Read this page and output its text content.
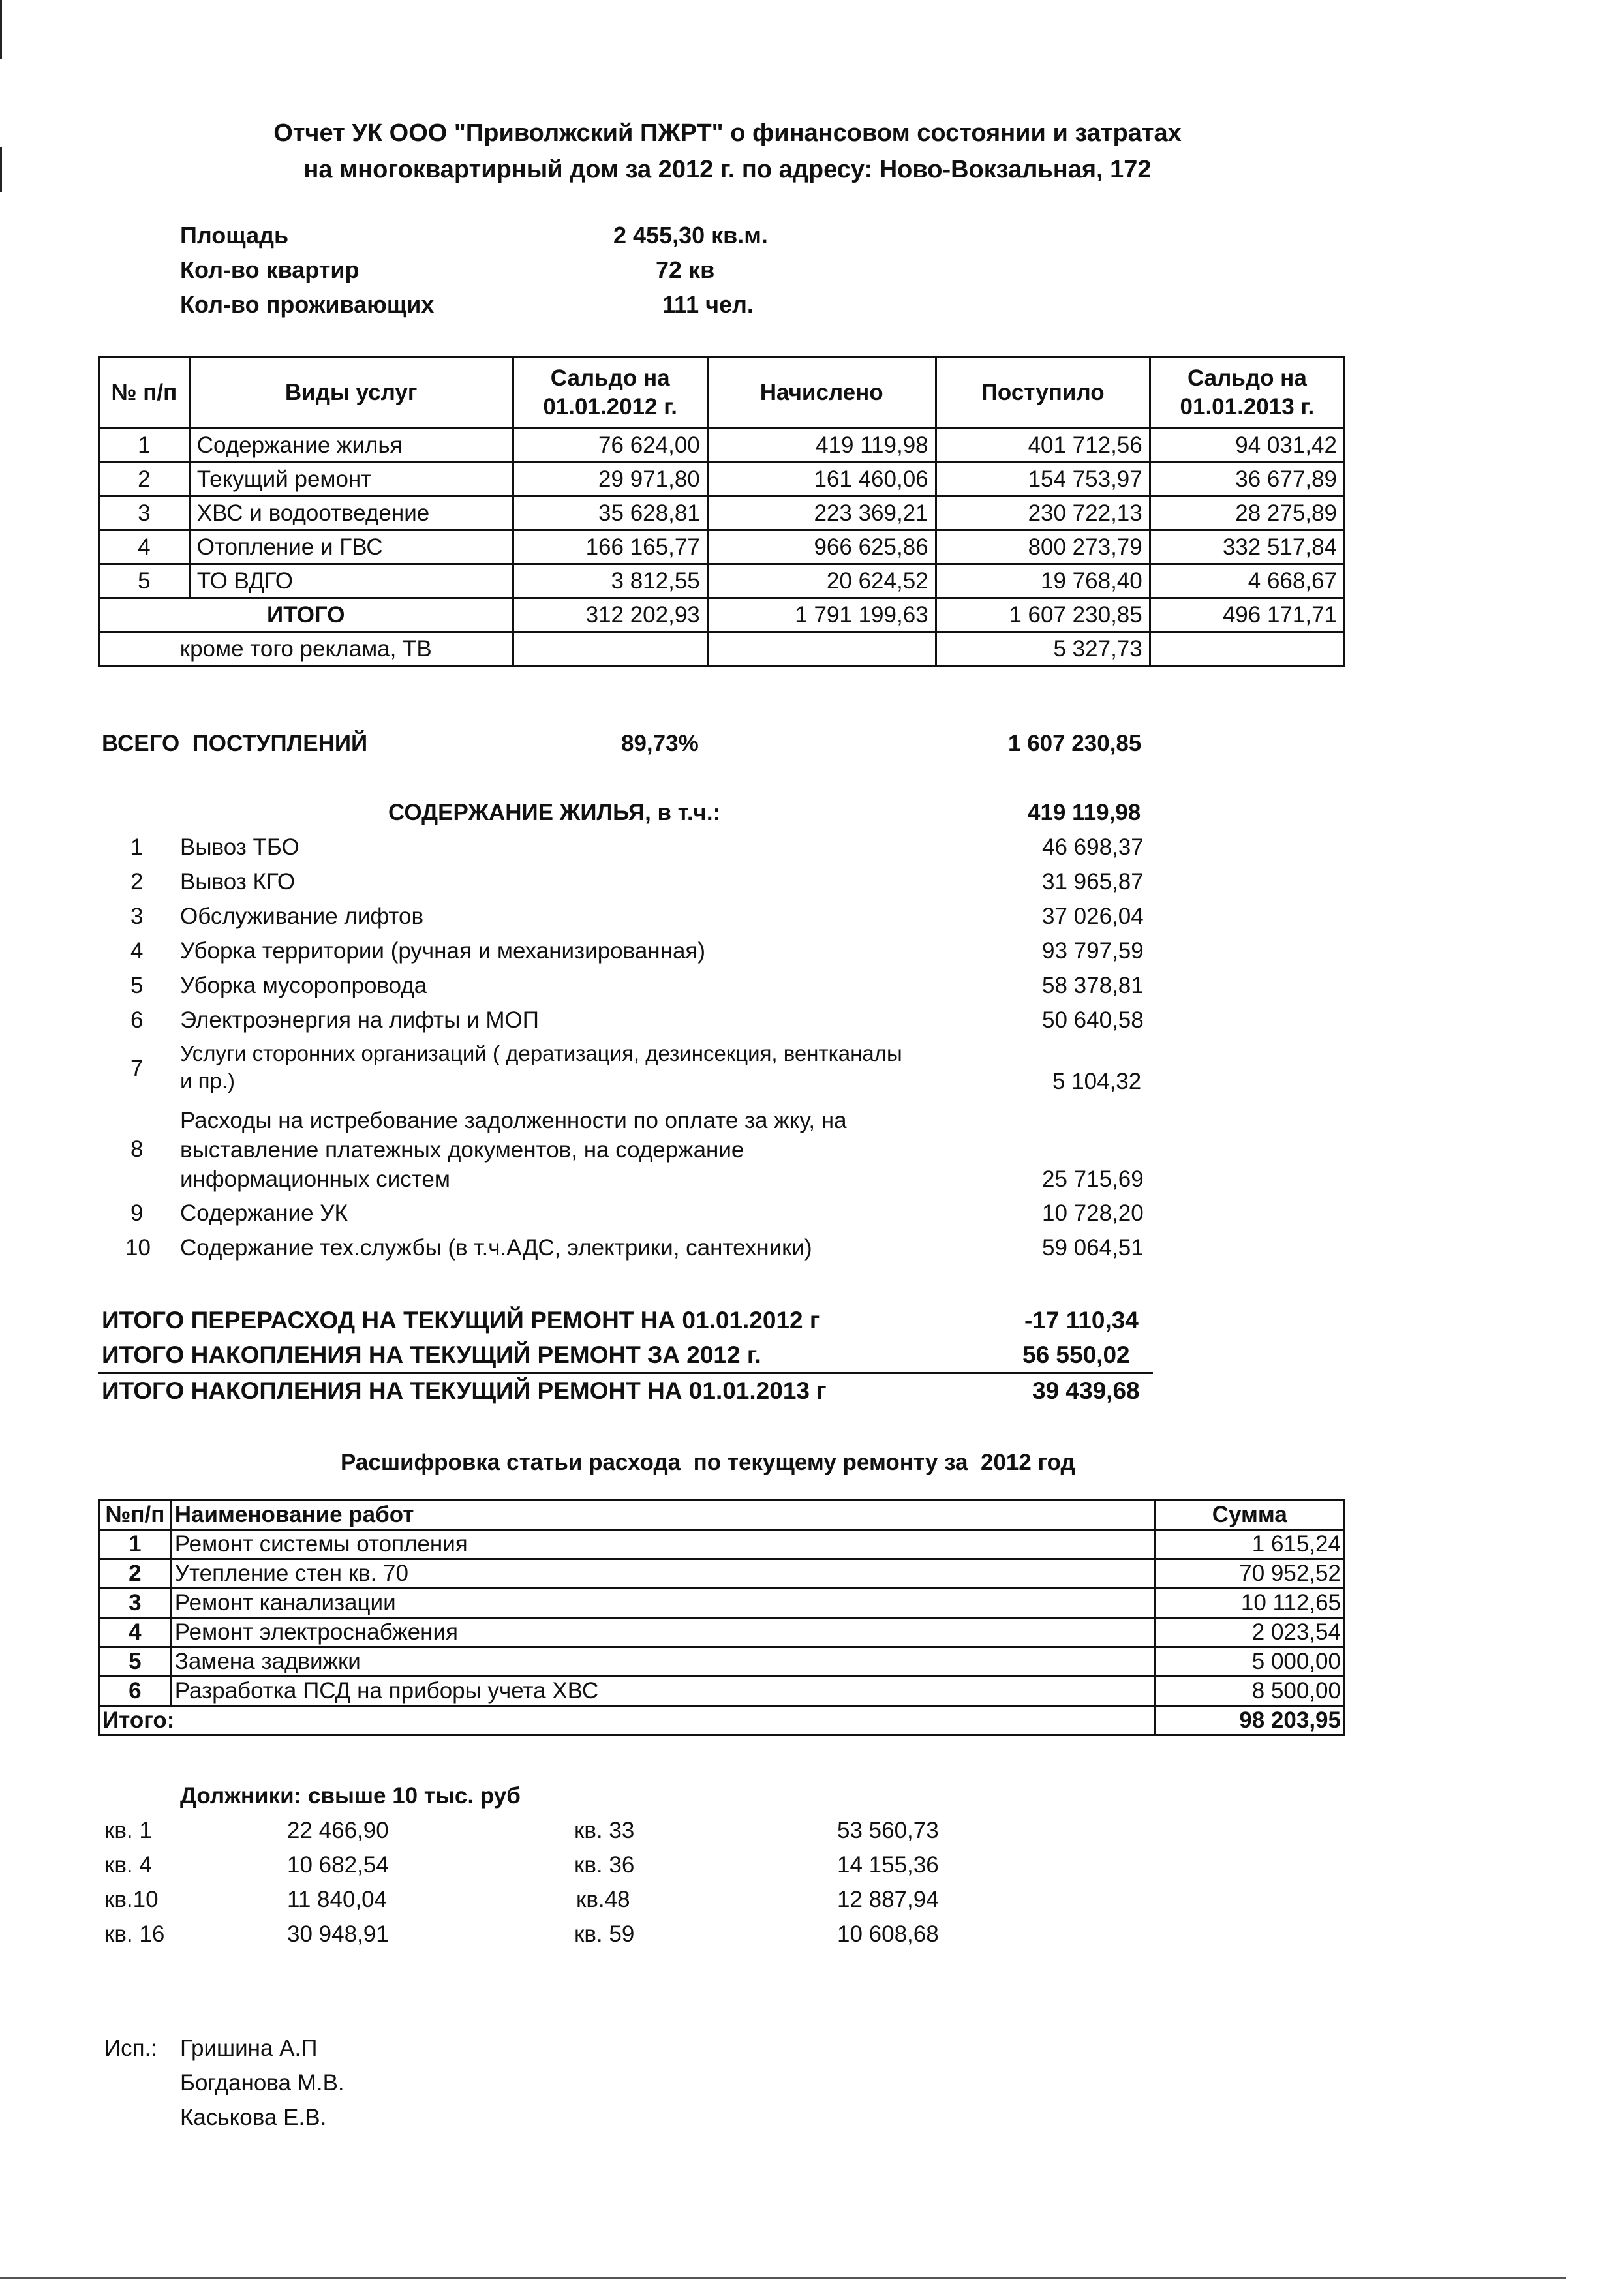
Отчет УК ООО "Приволжский ПЖРТ" о финансовом состоянии и затратах
на многоквартирный дом за 2012 г. по адресу: Ново-Вокзальная, 172
Площадь	2 455,30 кв.м.
Кол-во квартир	72 кв
Кол-во проживающих	111 чел.
№ п/п	Виды услуг	Сальдо на 01.01.2012 г.	Начислено	Поступило	Сальдо на 01.01.2013 г.
1	Содержание жилья	76 624,00	419 119,98	401 712,56	94 031,42
2	Текущий ремонт	29 971,80	161 460,06	154 753,97	36 677,89
3	ХВС и водоотведение	35 628,81	223 369,21	230 722,13	28 275,89
4	Отопление и ГВС	166 165,77	966 625,86	800 273,79	332 517,84
5	ТО ВДГО	3 812,55	20 624,52	19 768,40	4 668,67
ИТОГО		312 202,93	1 791 199,63	1 607 230,85	496 171,71
кроме того реклама, ТВ				5 327,73	
ВСЕГО  ПОСТУПЛЕНИЙ	89,73%	1 607 230,85
СОДЕРЖАНИЕ ЖИЛЬЯ, в т.ч.:	419 119,98
1 Вывоз ТБО	46 698,37
2 Вывоз КГО	31 965,87
3 Обслуживание лифтов	37 026,04
4 Уборка территории (ручная и механизированная)	93 797,59
5 Уборка мусоропровода	58 378,81
6 Электроэнергия на лифты и МОП	50 640,58
7
Услуги сторонних организаций ( дератизация, дезинсекция, вентканалы
и пр.)	5 104,32
8
Расходы на истребование задолженности по оплате за жку, на
выставление платежных документов, на содержание
информационных систем	25 715,69
9 Содержание УК	10 728,20
10 Содержание тех.службы (в т.ч.АДС, электрики, сантехники)	59 064,51
ИТОГО ПЕРЕРАСХОД НА ТЕКУЩИЙ РЕМОНТ НА 01.01.2012 г	-17 110,34
ИТОГО НАКОПЛЕНИЯ НА ТЕКУЩИЙ РЕМОНТ ЗА 2012 г.	56 550,02
ИТОГО НАКОПЛЕНИЯ НА ТЕКУЩИЙ РЕМОНТ НА 01.01.2013 г	39 439,68
Расшифровка статьи расхода  по текущему ремонту за  2012 год
№п/п	Наименование работ	Сумма
1	Ремонт системы отопления	1 615,24
2	Утепление стен кв. 70	70 952,52
3	Ремонт канализации	10 112,65
4	Ремонт электроснабжения	2 023,54
5	Замена задвижки	5 000,00
6	Разработка ПСД на приборы учета ХВС	8 500,00
Итого:		98 203,95
Должники: свыше 10 тыс. руб
кв. 1	22 466,90	кв. 33	53 560,73
кв. 4	10 682,54	кв. 36	14 155,36
кв.10	11 840,04	кв.48	12 887,94
кв. 16	30 948,91	кв. 59	10 608,68
Исп.: Гришина А.П
Богданова М.В.
Каськова Е.В.
